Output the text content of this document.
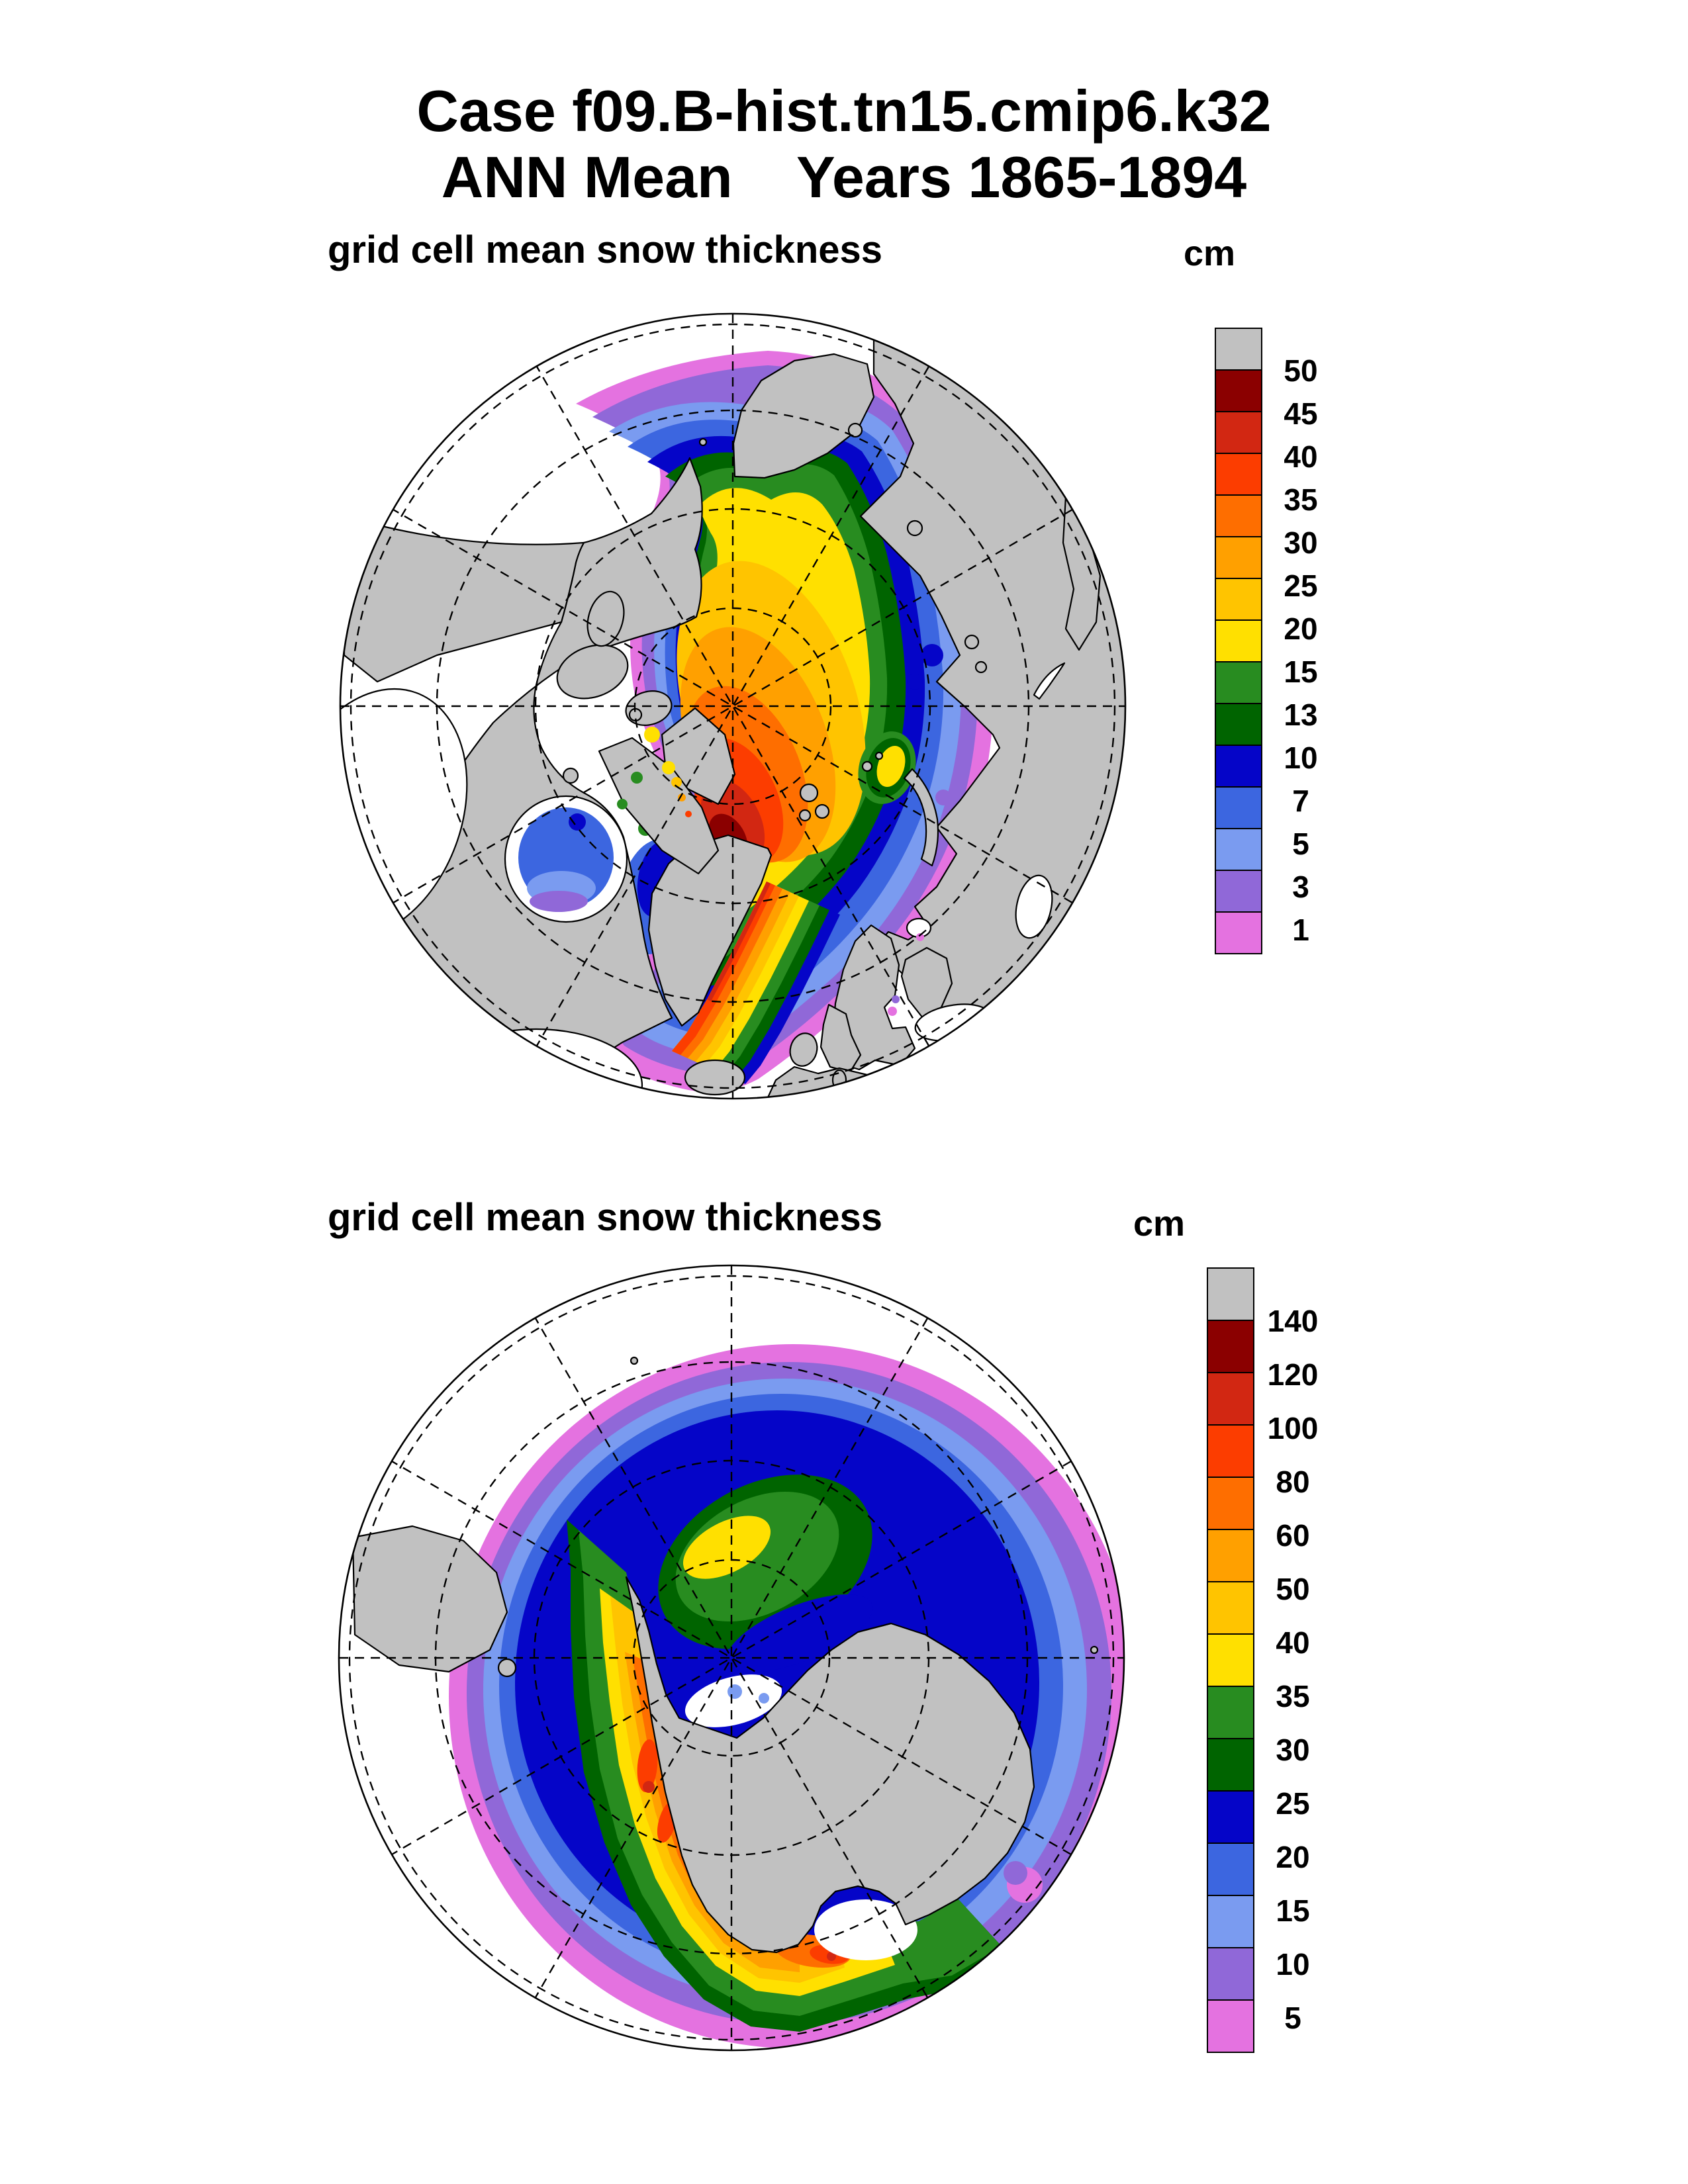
Case f09.B-hist.tn15.cmip6.k32
ANN Mean    Years 1865-1894
grid cell mean snow thickness	cm
grid cell mean snow thickness	cm
50
45
40
35
30
25
20
15
13
10
7
5
3
1
140
120
100
80
60
50
40
35
30
25
20
15
10
5
